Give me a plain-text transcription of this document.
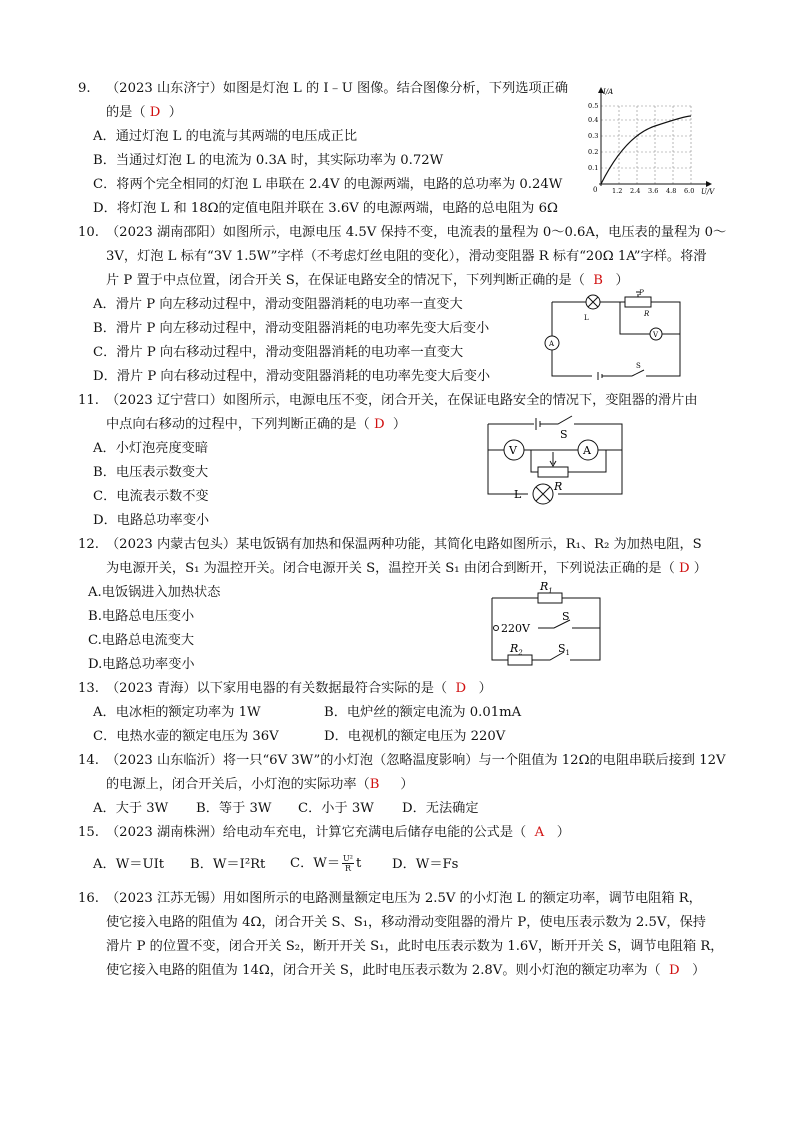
9. （2023 山东济宁）如图是灯泡 L 的 I﹣U 图像。结合图像分析，下列选项正确
的是（ D ）
A．通过灯泡 L 的电流与其两端的电压成正比
B．当通过灯泡 L 的电流为 0.3A 时，其实际功率为 0.72W
C．将两个完全相同的灯泡 L 串联在 2.4V 的电源两端，电路的总功率为 0.24W
D．将灯泡 L 和 18Ω的定值电阻并联在 3.6V 的电源两端，电路的总电阻为 6Ω
I/A
U/V
0
0.1
0.2
0.3
0.4
0.5
1.2 2.4 3.6 4.8 6.0
10. （2023 湖南邵阳）如图所示，电源电压 4.5V 保持不变，电流表的量程为 0～0.6A，电压表的量程为 0～
3V，灯泡 L 标有“3V 1.5W”字样（不考虑灯丝电阻的变化），滑动变阻器 R 标有“20Ω 1A”字样。将滑
片 P 置于中点位置，闭合开关 S，在保证电路安全的情况下，下列判断正确的是（ B ）
A．滑片 P 向左移动过程中，滑动变阻器消耗的电功率一直变大
B．滑片 P 向左移动过程中，滑动变阻器消耗的电功率先变大后变小
C．滑片 P 向右移动过程中，滑动变阻器消耗的电功率一直变大
D．滑片 P 向右移动过程中，滑动变阻器消耗的电功率先变大后变小
L
P
R
V
A
S
11. （2023 辽宁营口）如图所示，电源电压不变，闭合开关，在保证电路安全的情况下，变阻器的滑片由
中点向右移动的过程中，下列判断正确的是（ D ）
A．小灯泡亮度变暗
B．电压表示数变大
C．电流表示数不变
D．电路总功率变小
V	A
S
L
R
12. （2023 内蒙古包头）某电饭锅有加热和保温两种功能，其简化电路如图所示，R₁、R₂ 为加热电阻，S
为电源开关，S₁ 为温控开关。闭合电源开关 S，温控开关 S₁ 由闭合到断开，下列说法正确的是（ D ）
A.电饭锅进入加热状态
B.电路总电压变小
C.电路总电流变大
D.电路总功率变小
$R_1$
$R_2$
220V
S
$S_1$
13. （2023 青海）以下家用电器的有关数据最符合实际的是（ D ）
A．电冰柜的额定功率为 1W	B．电炉丝的额定电流为 0.01mA
C．电热水壶的额定电压为 36V	D．电视机的额定电压为 220V
14. （2023 山东临沂）将一只“6V 3W”的小灯泡（忽略温度影响）与一个阻值为 12Ω的电阻串联后接到 12V
的电源上，闭合开关后，小灯泡的实际功率（B ）
A．大于 3W B．等于 3W C．小于 3W D．无法确定
15. （2023 湖南株洲）给电动车充电，计算它充满电后储存电能的公式是（ A ）
A．W＝UIt B．W＝I²Rt C．$W= \frac{\text{U²}}{R}$ t D．W＝Fs
16. （2023 江苏无锡）用如图所示的电路测量额定电压为 2.5V 的小灯泡 L 的额定功率，调节电阻箱 R，
使它接入电路的阻值为 4Ω，闭合开关 S、S₁，移动滑动变阻器的滑片 P，使电压表示数为 2.5V，保持
滑片 P 的位置不变，闭合开关 S₂，断开开关 S₁，此时电压表示数为 1.6V，断开开关 S，调节电阻箱 R，
使它接入电路的阻值为 14Ω，闭合开关 S，此时电压表示数为 2.8V。则小灯泡的额定功率为（ D ）
